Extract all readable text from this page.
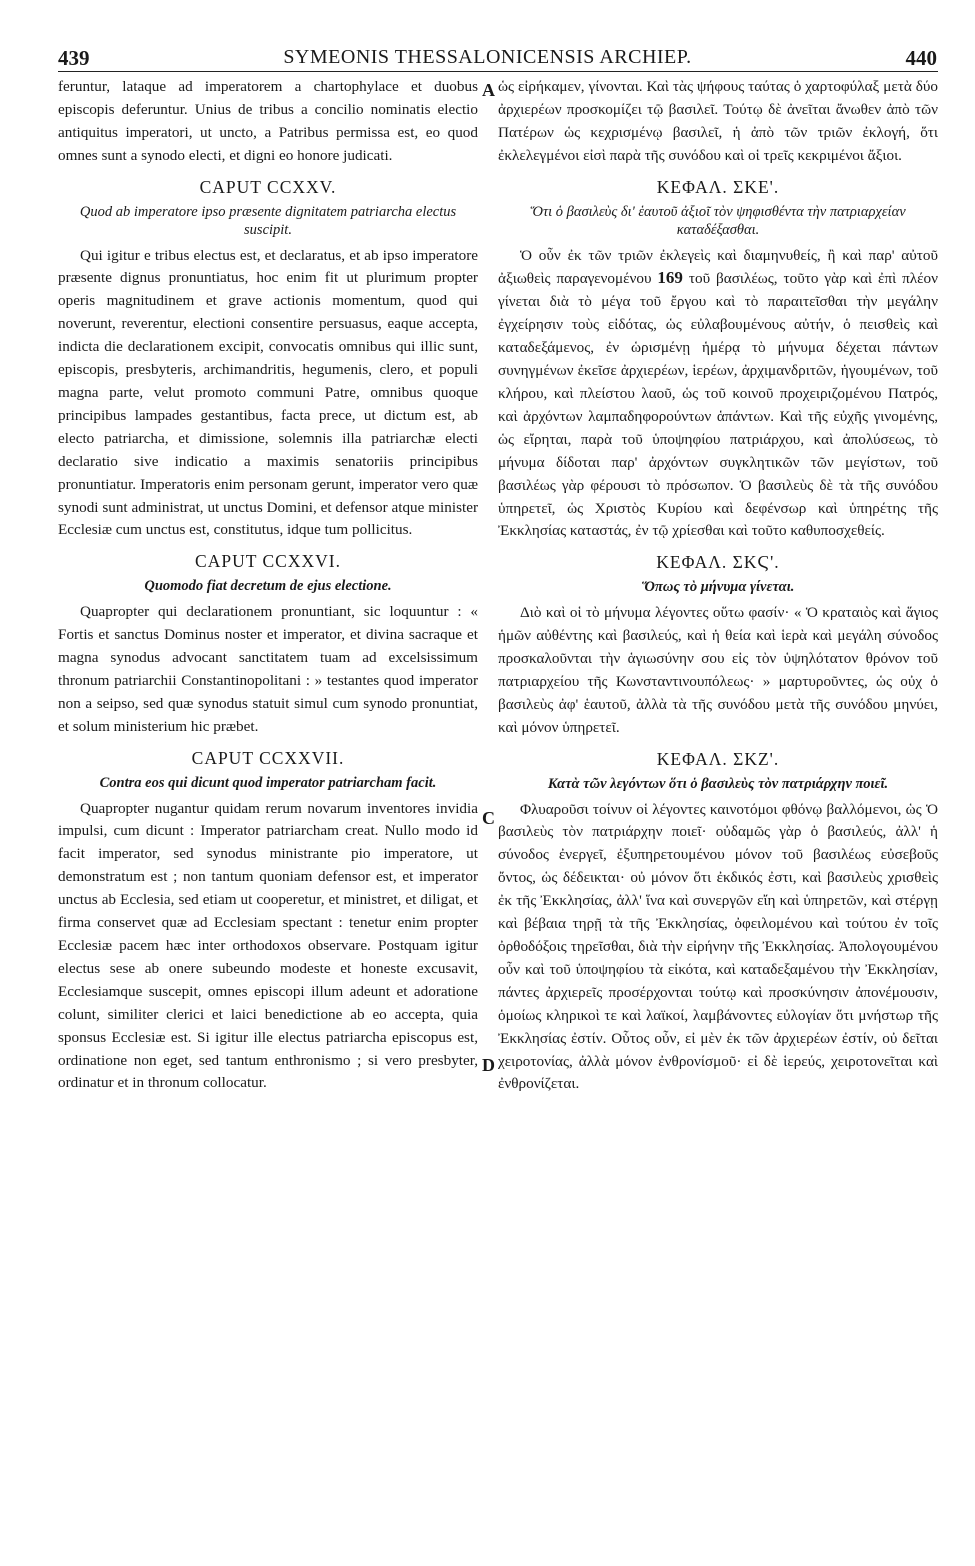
439	SYMEONIS THESSALONICENSIS ARCHIEP.	440
A
C
D

feruntur, lataque ad imperatorem a chartophylace et duobus episcopis deferuntur. Unius de tribus a concilio nominatis electio antiquitus imperatori, ut uncto, a Patribus permissa est, eo quod omnes sunt a synodo electi, et digni eo honore judicati.

CAPUT CCXXV.
Quod ab imperatore ipso præsente dignitatem patriarcha electus suscipit.

Qui igitur e tribus electus est, et declaratus, et ab ipso imperatore præsente dignus pronuntiatus, hoc enim fit ut plurimum propter operis magnitudinem et grave actionis momentum, quod qui noverunt, reverentur, electioni consentire persuasus, eaque accepta, indicta die declarationem excipit, convocatis omnibus qui illic sunt, episcopis, presbyteris, archimandritis, hegumenis, clero, et populi magna parte, velut promoto communi Patre, omnibus quoque principibus lampades gestantibus, facta prece, ut dictum est, ab electo patriarcha, et dimissione, solemnis illa patriarchæ electi declaratio sive indicatio a maximis senatoriis principibus pronuntiatur. Imperatoris enim personam gerunt, imperator vero quæ synodi sunt administrat, ut unctus Domini, et defensor atque minister Ecclesiæ cum unctus est, constitutus, idque tum pollicitus.

CAPUT CCXXVI.
Quomodo fiat decretum de ejus electione.

Quapropter qui declarationem pronuntiant, sic loquuntur : « Fortis et sanctus Dominus noster et imperator, et divina sacraque et magna synodus advocant sanctitatem tuam ad excelsissimum thronum patriarchii Constantinopolitani : » testantes quod imperator non a seipso, sed quæ synodus statuit simul cum synodo pronuntiat, et solum ministerium hic præbet.

CAPUT CCXXVII.
Contra eos qui dicunt quod imperator patriarcham facit.

Quapropter nugantur quidam rerum novarum inventores invidia impulsi, cum dicunt : Imperator patriarcham creat. Nullo modo id facit imperator, sed synodus ministrante pio imperatore, ut demonstratum est ; non tantum quoniam defensor est, et imperator unctus ab Ecclesia, sed etiam ut cooperetur, et ministret, et diligat, et firma conservet quæ ad Ecclesiam spectant : tenetur enim propter Ecclesiæ pacem hæc inter orthodoxos observare. Postquam igitur electus sese ab onere subeundo modeste et honeste excusavit, Ecclesiamque suscepit, omnes episcopi illum adeunt et adoratione colunt, similiter clerici et laici benedictione ab eo accepta, quia sponsus Ecclesiæ est. Si igitur ille electus patriarcha episcopus est, ordinatione non eget, sed tantum enthronismo ; si vero presbyter, ordinatur et in thronum collocatur.

ὡς εἰρήκαμεν, γίνονται. Καὶ τὰς ψήφους ταύτας ὁ χαρτοφύλαξ μετὰ δύο ἀρχιερέων προσκομίζει τῷ βασιλεῖ. Τούτῳ δὲ ἀνεῖται ἄνωθεν ἀπὸ τῶν Πατέρων ὡς κεχρισμένῳ βασιλεῖ, ἡ ἀπὸ τῶν τριῶν ἐκλογή, ὅτι ἐκλελεγμένοι εἰσὶ παρὰ τῆς συνόδου καὶ οἱ τρεῖς κεκριμένοι ἄξιοι.

ΚΕΦΑΛ. ΣΚΕ'.
Ὅτι ὁ βασιλεὺς δι' ἑαυτοῦ ἀξιοῖ τὸν ψηφισθέντα τὴν πατριαρχείαν καταδέξασθαι.

Ὁ οὖν ἐκ τῶν τριῶν ἐκλεγεὶς καὶ διαμηνυθείς, ἢ καὶ παρ' αὐτοῦ ἀξιωθεὶς παραγενομένου 169 τοῦ βασιλέως, τοῦτο γὰρ καὶ ἐπὶ πλέον γίνεται διὰ τὸ μέγα τοῦ ἔργου καὶ τὸ παραιτεῖσθαι τὴν μεγάλην ἐγχείρησιν τοὺς εἰδότας, ὡς εὐλαβουμένους αὐτήν, ὁ πεισθεὶς καὶ καταδεξάμενος, ἐν ὡρισμένῃ ἡμέρᾳ τὸ μήνυμα δέχεται πάντων συνηγμένων ἐκεῖσε ἀρχιερέων, ἱερέων, ἀρχιμανδριτῶν, ἡγουμένων, τοῦ κλήρου, καὶ πλείστου λαοῦ, ὡς τοῦ κοινοῦ προχειριζομένου Πατρός, καὶ ἀρχόντων λαμπαδηφορούντων ἁπάντων. Καὶ τῆς εὐχῆς γινομένης, ὡς εἴρηται, παρὰ τοῦ ὑποψηφίου πατριάρχου, καὶ ἀπολύσεως, τὸ μήνυμα δίδοται παρ' ἀρχόντων συγκλητικῶν τῶν μεγίστων, τοῦ βασιλέως γὰρ φέρουσι τὸ πρόσωπον. Ὁ βασιλεὺς δὲ τὰ τῆς συνόδου ὑπηρετεῖ, ὡς Χριστὸς Κυρίου καὶ δεφένσωρ καὶ ὑπηρέτης τῆς Ἐκκλησίας καταστάς, ἐν τῷ χρίεσθαι καὶ τοῦτο καθυποσχεθείς.

ΚΕΦΑΛ. ΣΚϚ'.
Ὅπως τὸ μήνυμα γίνεται.

Διὸ καὶ οἱ τὸ μήνυμα λέγοντες οὕτω φασίν· « Ὁ κραταιὸς καὶ ἅγιος ἡμῶν αὐθέντης καὶ βασιλεύς, καὶ ἡ θεία καὶ ἱερὰ καὶ μεγάλη σύνοδος προσκαλοῦνται τὴν ἁγιωσύνην σου εἰς τὸν ὑψηλότατον θρόνον τοῦ πατριαρχείου τῆς Κωνσταντινουπόλεως· » μαρτυροῦντες, ὡς οὐχ ὁ βασιλεὺς ἀφ' ἑαυτοῦ, ἀλλὰ τὰ τῆς συνόδου μετὰ τῆς συνόδου μηνύει, καὶ μόνον ὑπηρετεῖ.

ΚΕΦΑΛ. ΣΚΖ'.
Κατὰ τῶν λεγόντων ὅτι ὁ βασιλεὺς τὸν πατριάρχην ποιεῖ.

Φλυαροῦσι τοίνυν οἱ λέγοντες καινοτόμοι φθόνῳ βαλλόμενοι, ὡς Ὁ βασιλεὺς τὸν πατριάρχην ποιεῖ· οὐδαμῶς γὰρ ὁ βασιλεύς, ἀλλ' ἡ σύνοδος ἐνεργεῖ, ἐξυπηρετουμένου μόνον τοῦ βασιλέως εὐσεβοῦς ὄντος, ὡς δέδεικται· οὐ μόνον ὅτι ἐκδικός ἐστι, καὶ βασιλεὺς χρισθεὶς ἐκ τῆς Ἐκκλησίας, ἀλλ' ἵνα καὶ συνεργῶν εἴη καὶ ὑπηρετῶν, καὶ στέργῃ καὶ βέβαια τηρῇ τὰ τῆς Ἐκκλησίας, ὀφειλομένου καὶ τούτου ἐν τοῖς ὀρθοδόξοις τηρεῖσθαι, διὰ τὴν εἰρήνην τῆς Ἐκκλησίας. Ἀπολογουμένου οὖν καὶ τοῦ ὑποψηφίου τὰ εἰκότα, καὶ καταδεξαμένου τὴν Ἐκκλησίαν, πάντες ἀρχιερεῖς προσέρχονται τούτῳ καὶ προσκύνησιν ἀπονέμουσιν, ὁμοίως κληρικοὶ τε καὶ λαϊκοί, λαμβάνοντες εὐλογίαν ὅτι μνήστωρ τῆς Ἐκκλησίας ἐστίν. Οὗτος οὖν, εἰ μὲν ἐκ τῶν ἀρχιερέων ἐστίν, οὐ δεῖται χειροτονίας, ἀλλὰ μόνον ἐνθρονίσμοῦ· εἰ δὲ ἱερεύς, χειροτονεῖται καὶ ἐνθρονίζεται.
